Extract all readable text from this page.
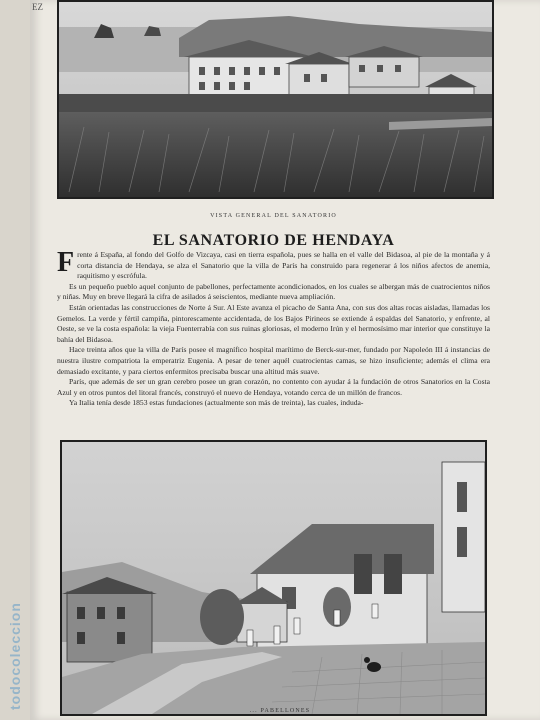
EZ
VISTA GENERAL DEL SANATORIO
EL SANATORIO DE HENDAYA

Frente á España, al fondo del Golfo de Vizcaya, casi en tierra española, pues se halla en el valle del Bidasoa, al pie de la montaña y á corta distancia de Hendaya, se alza el Sanatorio que la villa de París ha construido para regenerar á los niños afectos de anemia, raquitismo y escrófula.

Es un pequeño pueblo aquel conjunto de pabellones, perfectamente acondicionados, en los cuales se albergan más de cuatrocientos niños y niñas. Muy en breve llegará la cifra de asilados á seiscientos, mediante nueva ampliación.

Están orientadas las construcciones de Norte á Sur. Al Este avanza el picacho de Santa Ana, con sus dos altas rocas aisladas, llamadas los Gemelos. La verde y fértil campiña, pintorescamente accidentada, de los Bajos Pirineos se extiende á espaldas del Sanatorio, y enfrente, al Oeste, se ve la costa española: la vieja Fuenterrabía con sus ruinas gloriosas, el moderno Irún y el hermosísimo mar interior que constituye la bahía del Bidasoa.

Hace treinta años que la villa de París posee el magnífico hospital marítimo de Berck-sur-mer, fundado por Napoleón III á instancias de nuestra ilustre compatriota la emperatriz Eugenia. A pesar de tener aquél cuatrocientas camas, se hizo insuficiente; además el clima era demasiado excitante, y para ciertos enfermitos precisaba buscar una altitud más suave.

París, que además de ser un gran cerebro posee un gran corazón, no contento con ayudar á la fundación de otros Sanatorios en la Costa Azul y en otros puntos del litoral francés, construyó el nuevo de Hendaya, votando cerca de un millón de francos.

Ya Italia tenía desde 1853 estas fundaciones (actualmente son más de treinta), las cuales, induda-

... PABELLONES
todocoleccion
